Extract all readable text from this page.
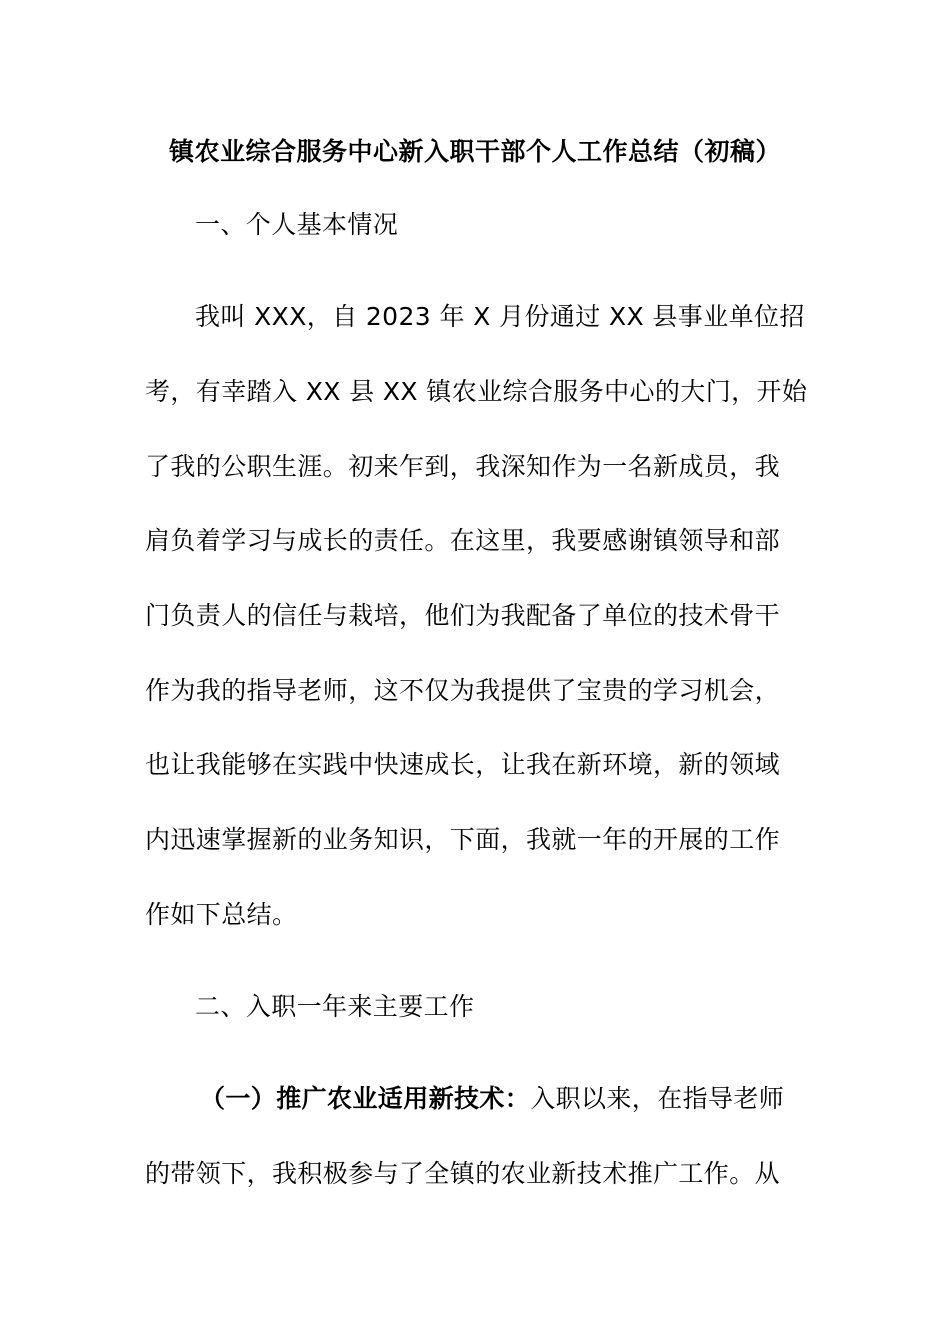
镇农业综合服务中心新入职干部个人工作总结（初稿）
一、个人基本情况
我叫 XXX，自 2023 年 X 月份通过 XX 县事业单位招
考，有幸踏入 XX 县 XX 镇农业综合服务中心的大门，开始
了我的公职生涯。初来乍到，我深知作为一名新成员，我
肩负着学习与成长的责任。在这里，我要感谢镇领导和部
门负责人的信任与栽培，他们为我配备了单位的技术骨干
作为我的指导老师，这不仅为我提供了宝贵的学习机会，
也让我能够在实践中快速成长，让我在新环境，新的领域
内迅速掌握新的业务知识，下面，我就一年的开展的工作
作如下总结。
二、入职一年来主要工作
（一）推广农业适用新技术：入职以来，在指导老师
的带领下，我积极参与了全镇的农业新技术推广工作。从
